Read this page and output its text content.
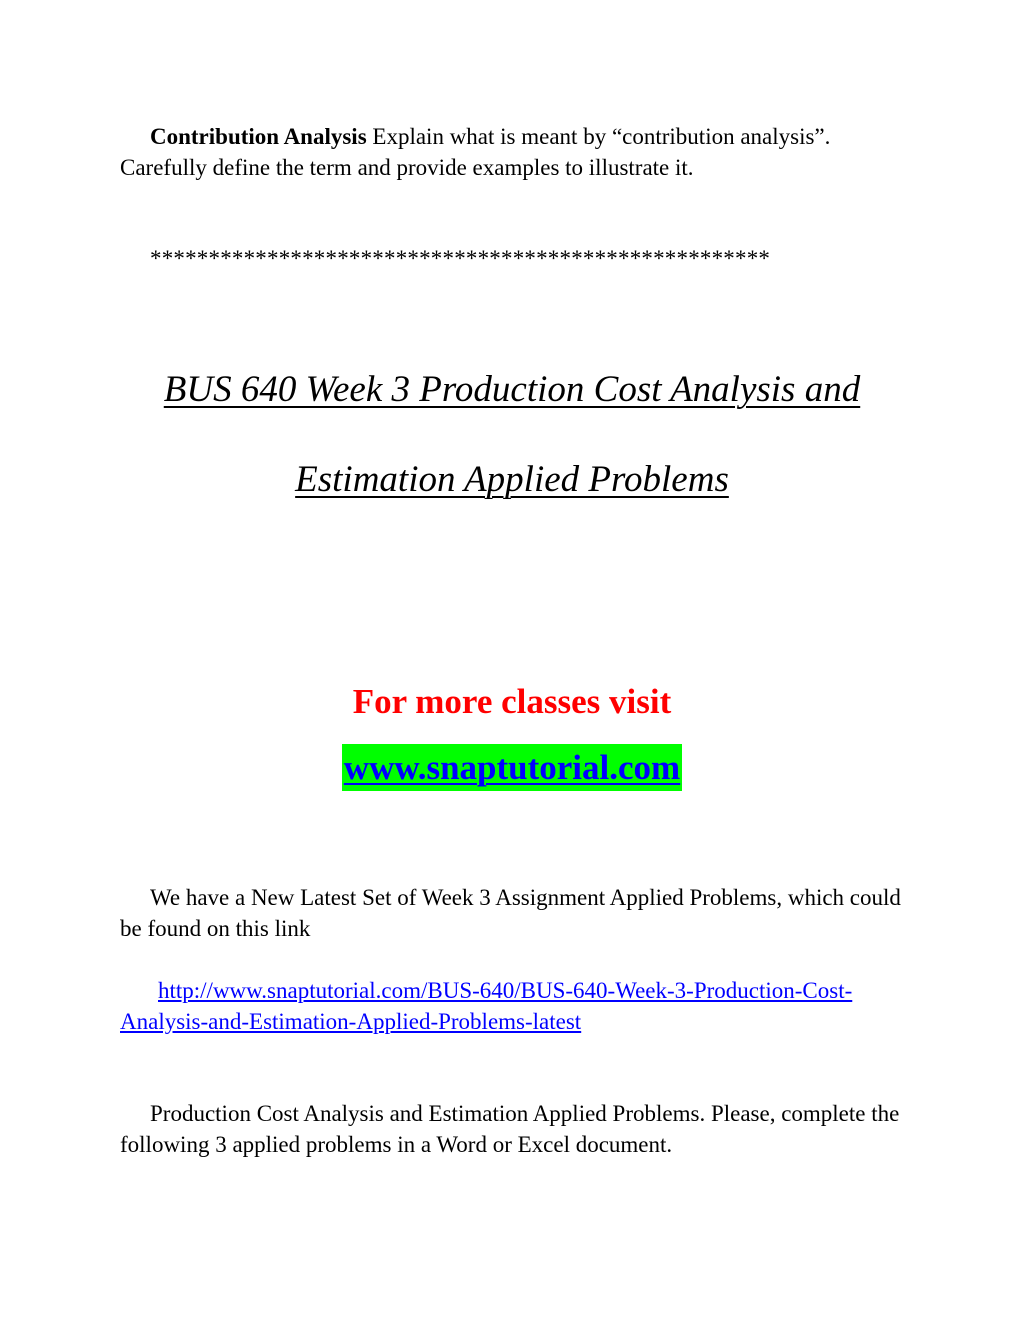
Contribution Analysis Explain what is meant by “contribution analysis”. Carefully define the term and provide examples to illustrate it.

*****************************************************

BUS 640 Week 3 Production Cost Analysis and

Estimation Applied Problems

For more classes visit

www.snaptutorial.com

We have a New Latest Set of Week 3 Assignment Applied Problems, which could be found on this link

http://www.snaptutorial.com/BUS-640/BUS-640-Week-3-Production-Cost-Analysis-and-Estimation-Applied-Problems-latest

Production Cost Analysis and Estimation Applied Problems. Please, complete the following 3 applied problems in a Word or Excel document.
